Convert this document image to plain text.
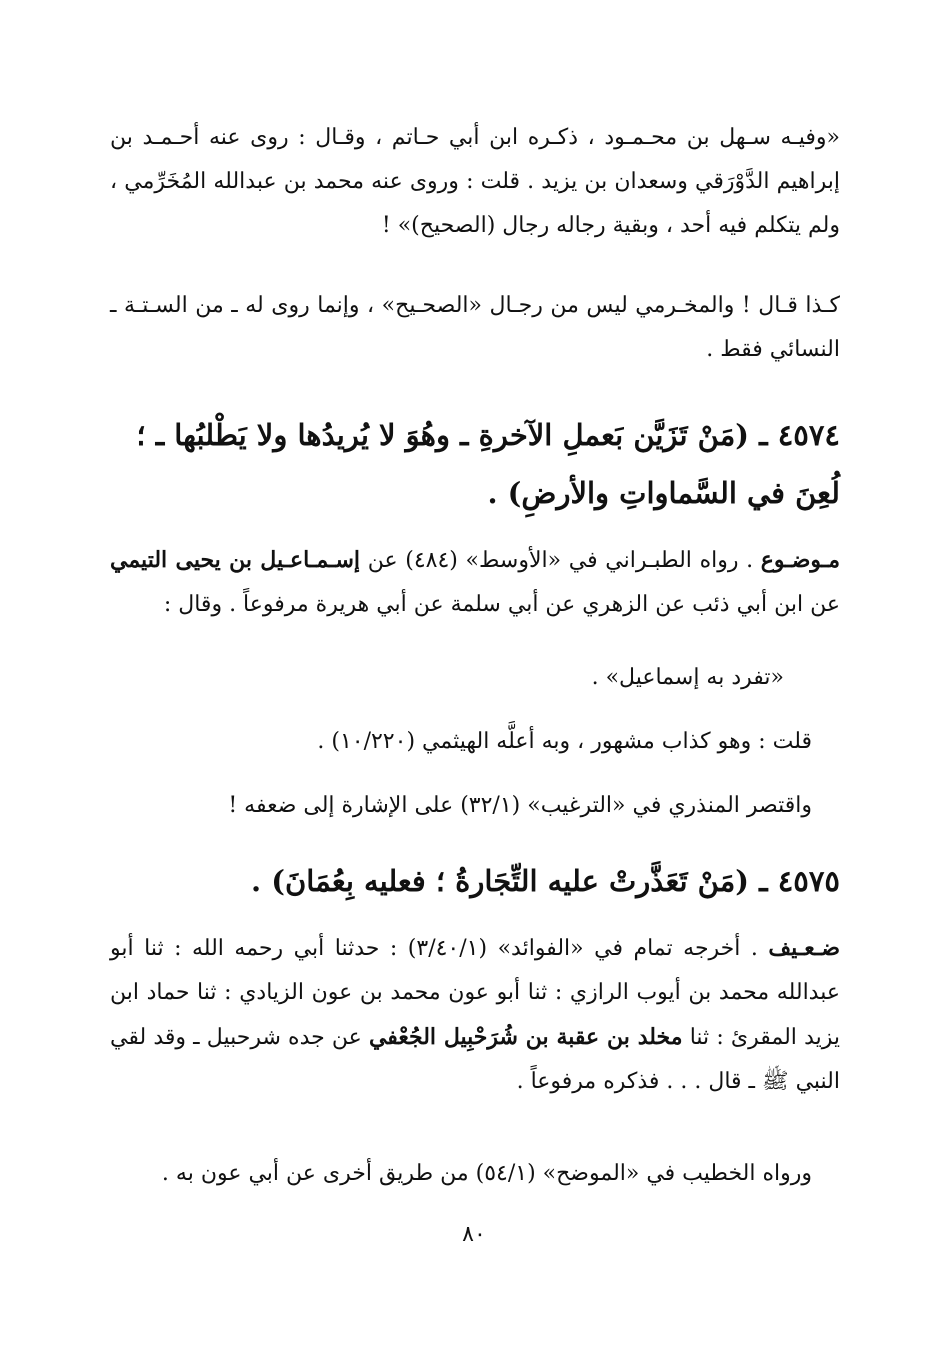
«وفيـه سـهل بن محـمـود ، ذكـره ابن أبي حـاتم ، وقـال : روى عنه أحـمـد بن إبراهيم الدَّوْرَقي وسعدان بن يزيد . قلت : وروى عنه محمد بن عبدالله المُخَرِّمي ، ولم يتكلم فيه أحد ، وبقية رجاله رجال (الصحيح)» !
كـذا قـال ! والمخـرمي ليس من رجـال «الصحـيح» ، وإنما روى له ـ من السـتـة ـ النسائي فقط .
٤٥٧٤ ـ (مَنْ تَزَيَّن بَعملِ الآخرةِ ـ وهُوَ لا يُريدُها ولا يَطْلبُها ـ ؛ لُعِنَ في السَّماواتِ والأرضِ) .
مـوضـوع . رواه الطبـراني في «الأوسط» (٤٨٤) عن إسـمـاعـيل بن يحيى التيمي عن ابن أبي ذئب عن الزهري عن أبي سلمة عن أبي هريرة مرفوعاً . وقال :
«تفرد به إسماعيل» .
قلت : وهو كذاب مشهور ، وبه أعلَّه الهيثمي (١٠/٢٢٠) .
واقتصر المنذري في «الترغيب» (٣٢/١) على الإشارة إلى ضعفه !
٤٥٧٥ ـ (مَنْ تَعَذَّرتْ عليه التِّجَارةُ ؛ فعليه بِعُمَانَ) .
ضـعـيف . أخرجه تمام في «الفوائد» (٣/٤٠/١) : حدثنا أبي رحمه الله : ثنا أبو عبدالله محمد بن أيوب الرازي : ثنا أبو عون محمد بن عون الزيادي : ثنا حماد ابن يزيد المقرئ : ثنا مخلد بن عقبة بن شُرَحْبِيل الجُعْفي عن جده شرحبيل ـ وقد لقي النبي ﷺ ـ قال . . . فذكره مرفوعاً .
ورواه الخطيب في «الموضح» (٥٤/١) من طريق أخرى عن أبي عون به .
٨٠
